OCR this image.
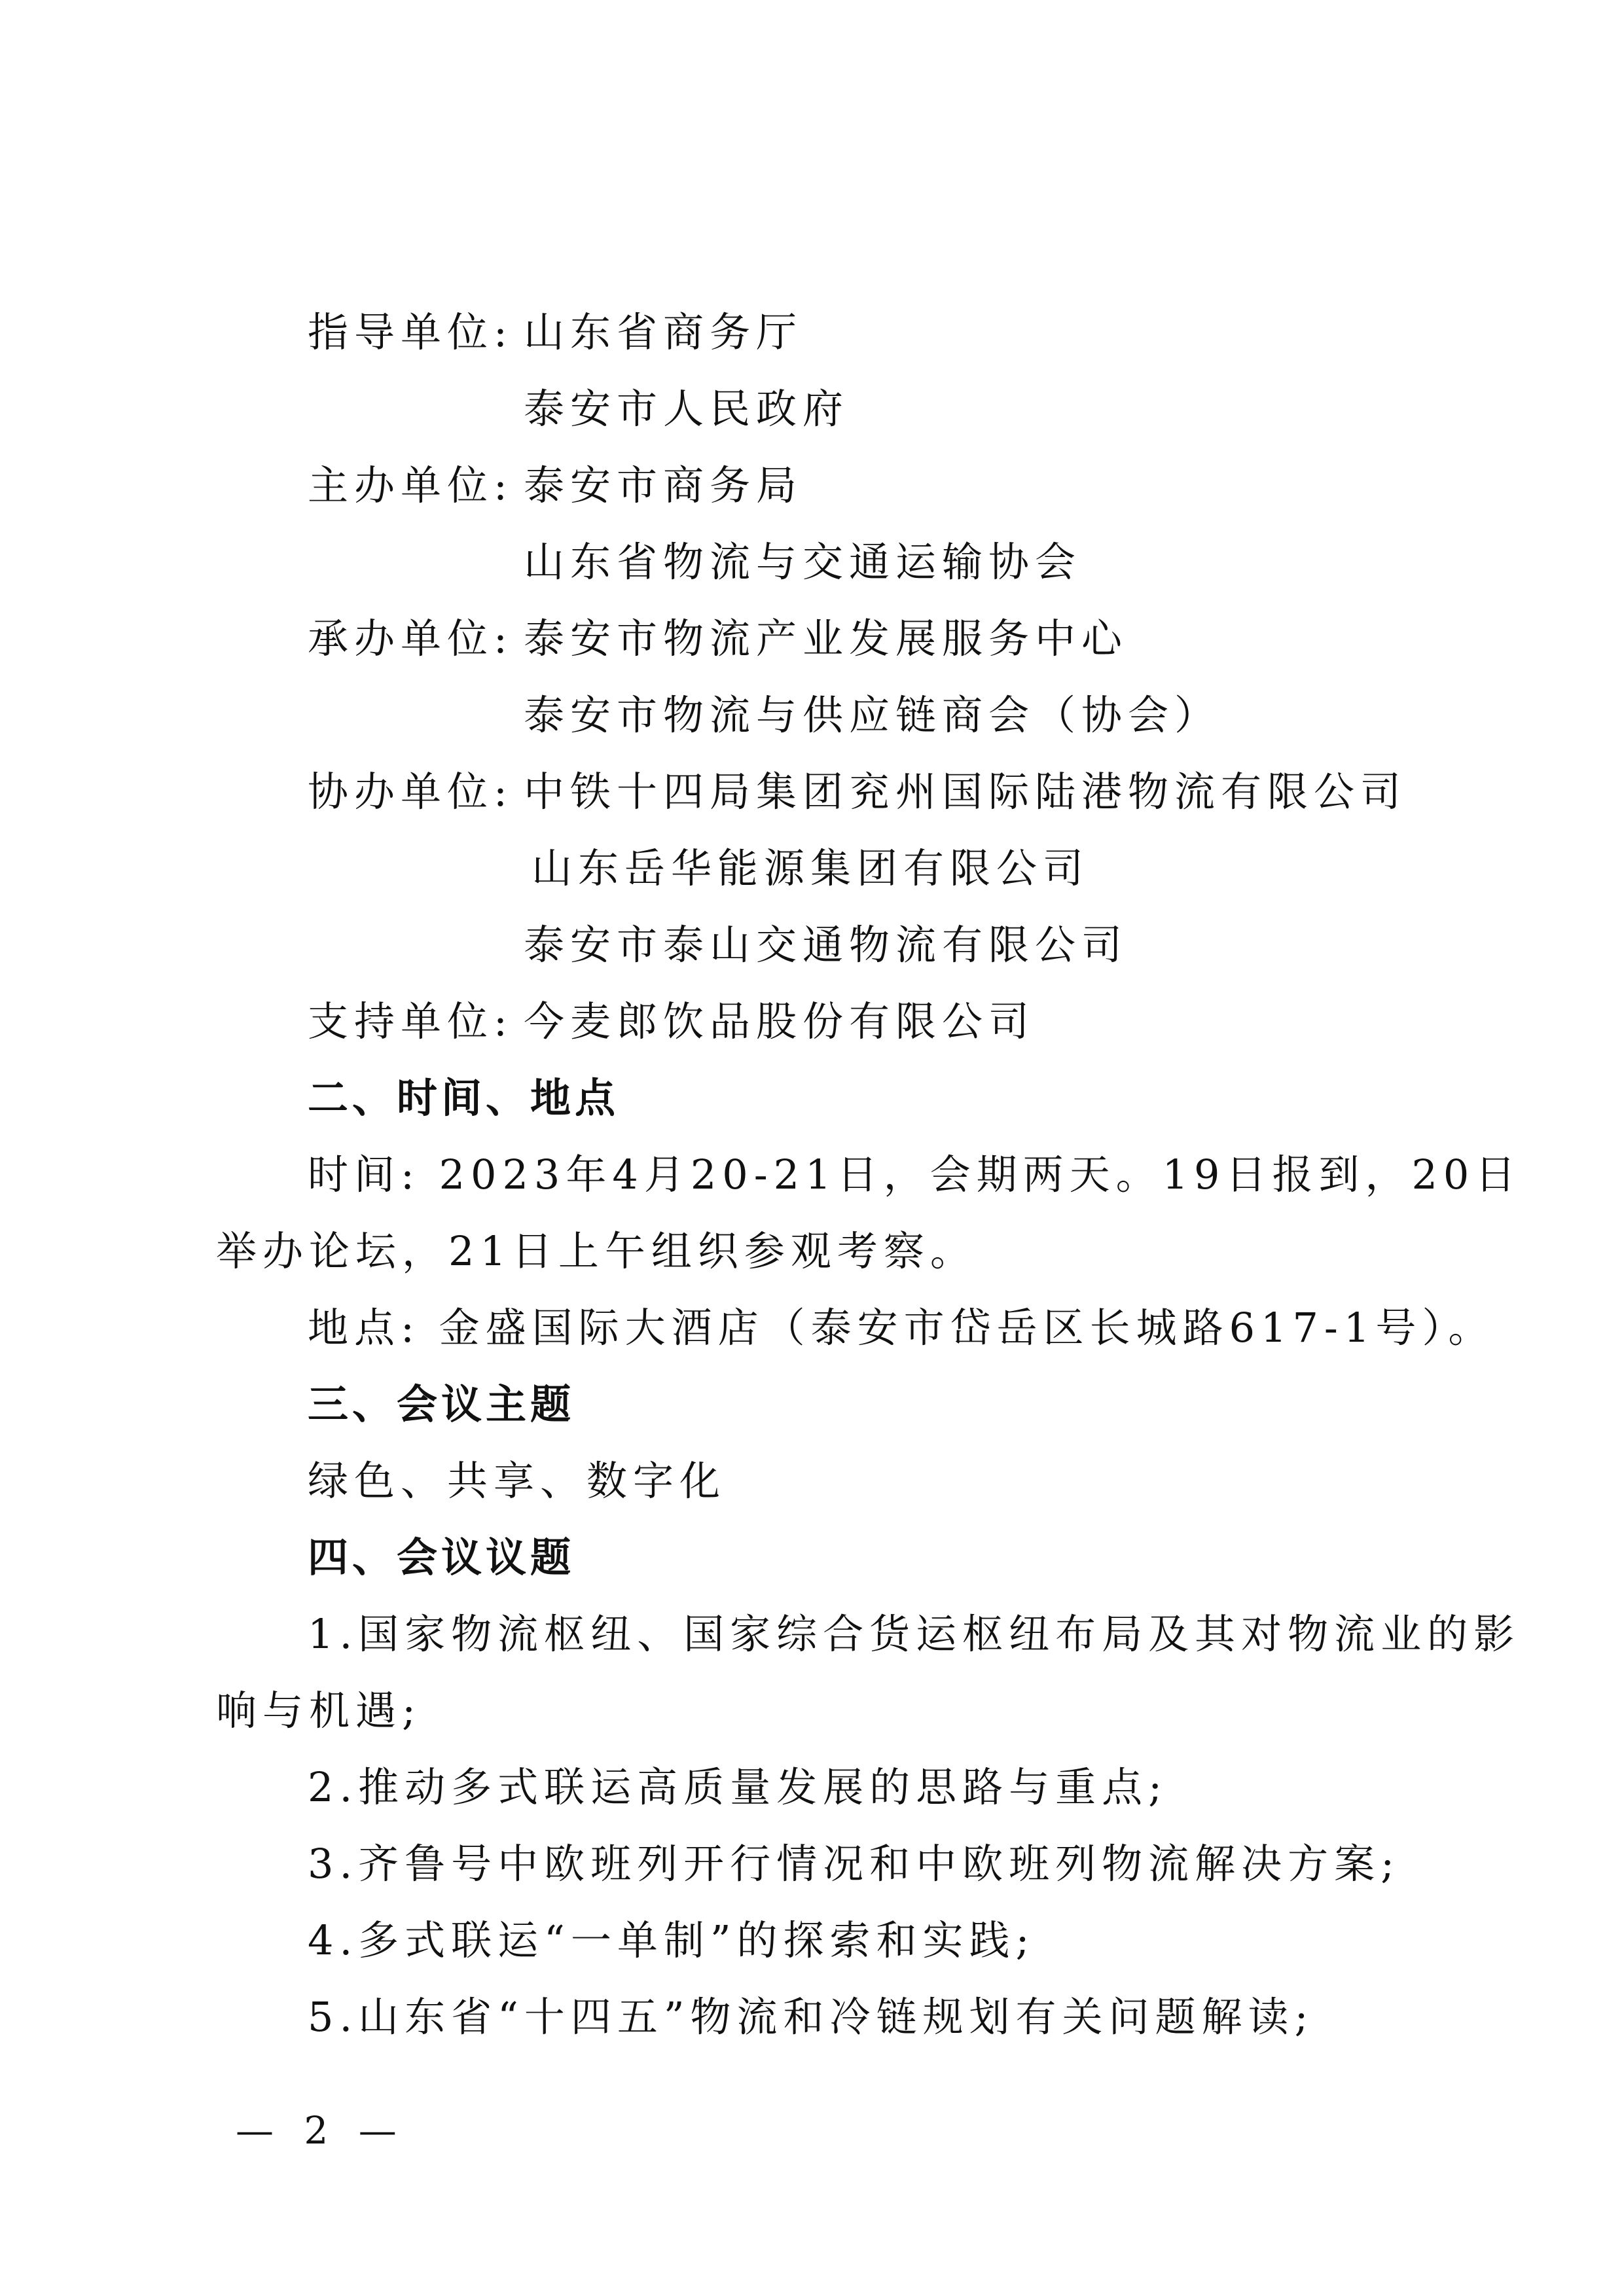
指导单位: 山东省商务厅
泰安市人民政府
主办单位: 泰安市商务局
山东省物流与交通运输协会
承办单位: 泰安市物流产业发展服务中心
泰安市物流与供应链商会（协会）
协办单位: 中铁十四局集团兖州国际陆港物流有限公司
山东岳华能源集团有限公司
泰安市泰山交通物流有限公司
支持单位: 今麦郎饮品股份有限公司
二、时间、地点
时间: 2023年4月20-21日，会期两天。19日报到，20日
举办论坛，21日上午组织参观考察。
地点: 金盛国际大酒店（泰安市岱岳区长城路617-1号）。
三、会议主题
绿色、共享、数字化
四、会议议题
1.国家物流枢纽、国家综合货运枢纽布局及其对物流业的影
响与机遇;
2.推动多式联运高质量发展的思路与重点;
3.齐鲁号中欧班列开行情况和中欧班列物流解决方案;
4.多式联运“一单制”的探索和实践;
5.山东省“十四五”物流和冷链规划有关问题解读;
— 2 —
